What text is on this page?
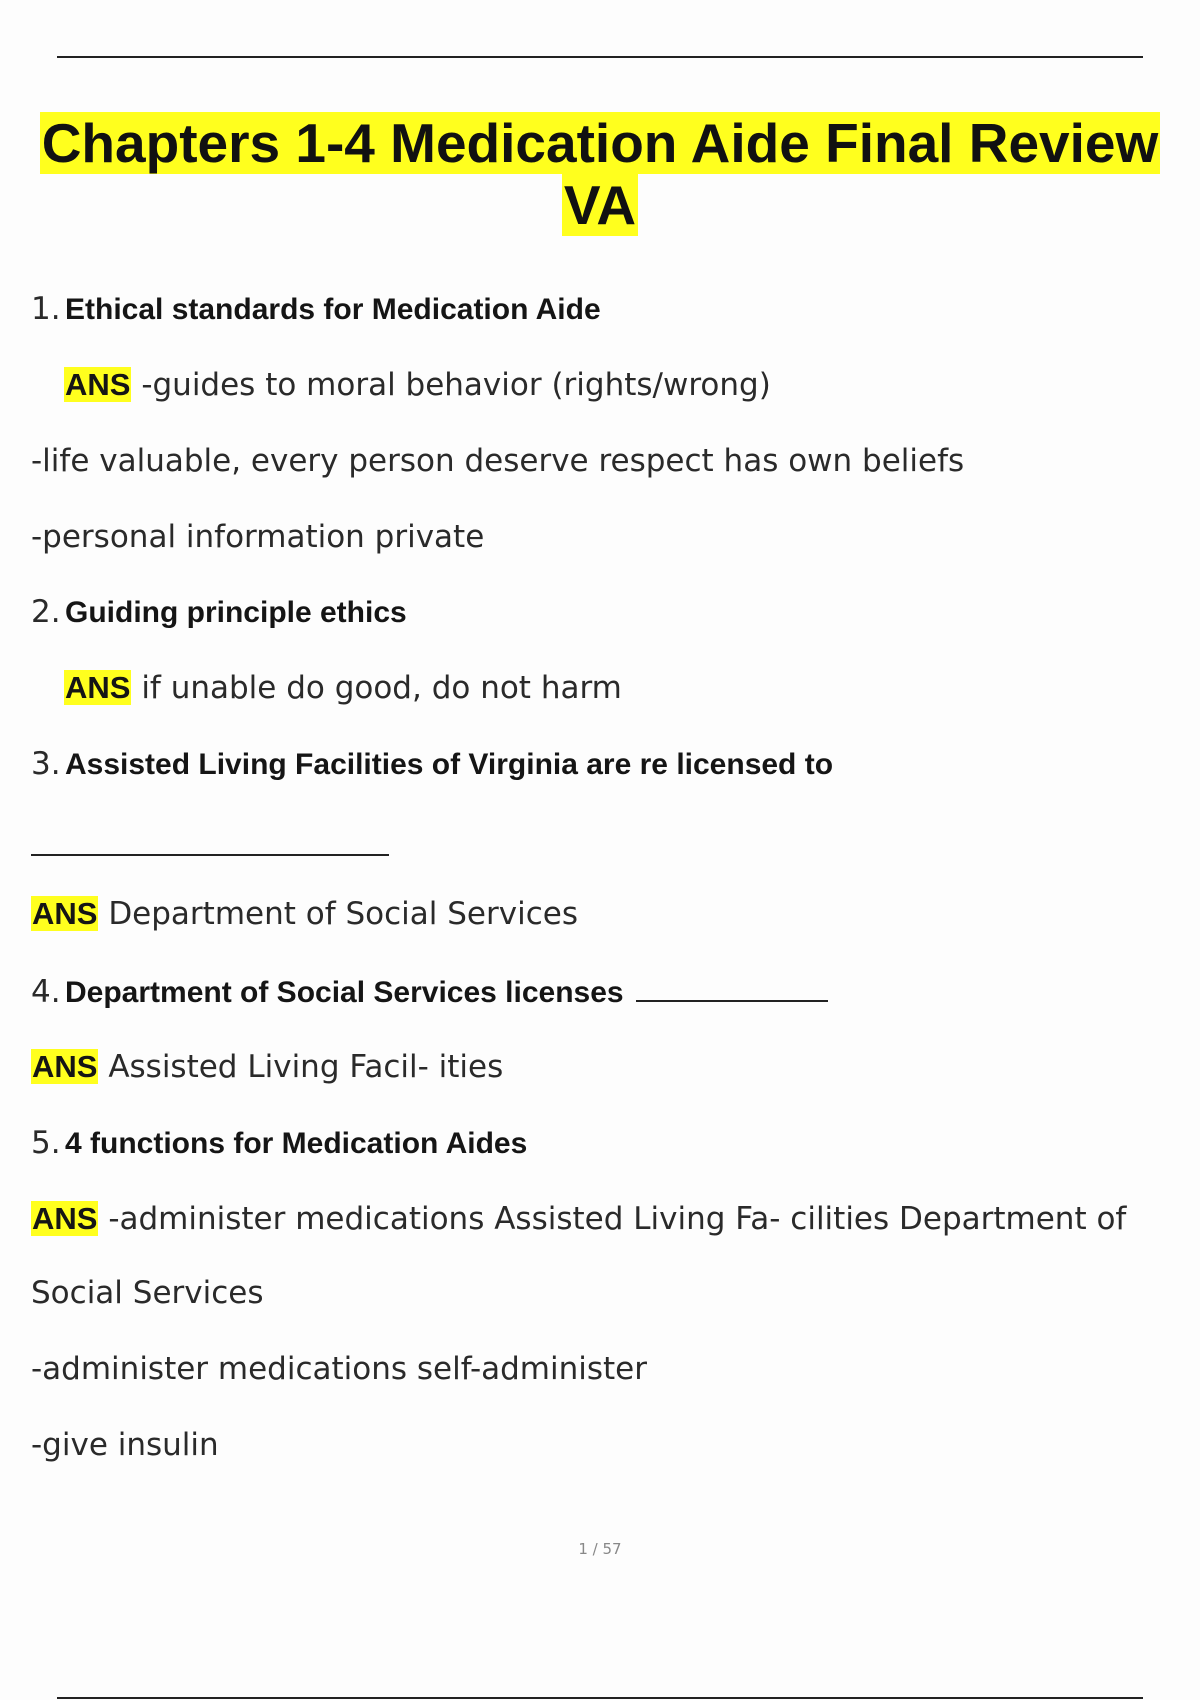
Chapters 1-4 Medication Aide Final Review
VA
1. Ethical standards for Medication Aide
ANS -guides to moral behavior (rights/wrong)
-life valuable, every person deserve respect has own beliefs
-personal information private
2. Guiding principle ethics
ANS if unable do good, do not harm
3. Assisted Living Facilities of Virginia are re licensed to
ANS Department of Social Services
4. Department of Social Services licenses
ANS Assisted Living Facil- ities
5. 4 functions for Medication Aides
ANS -administer medications Assisted Living Fa- cilities Department of
Social Services
-administer medications self-administer
-give insulin
1 / 57
